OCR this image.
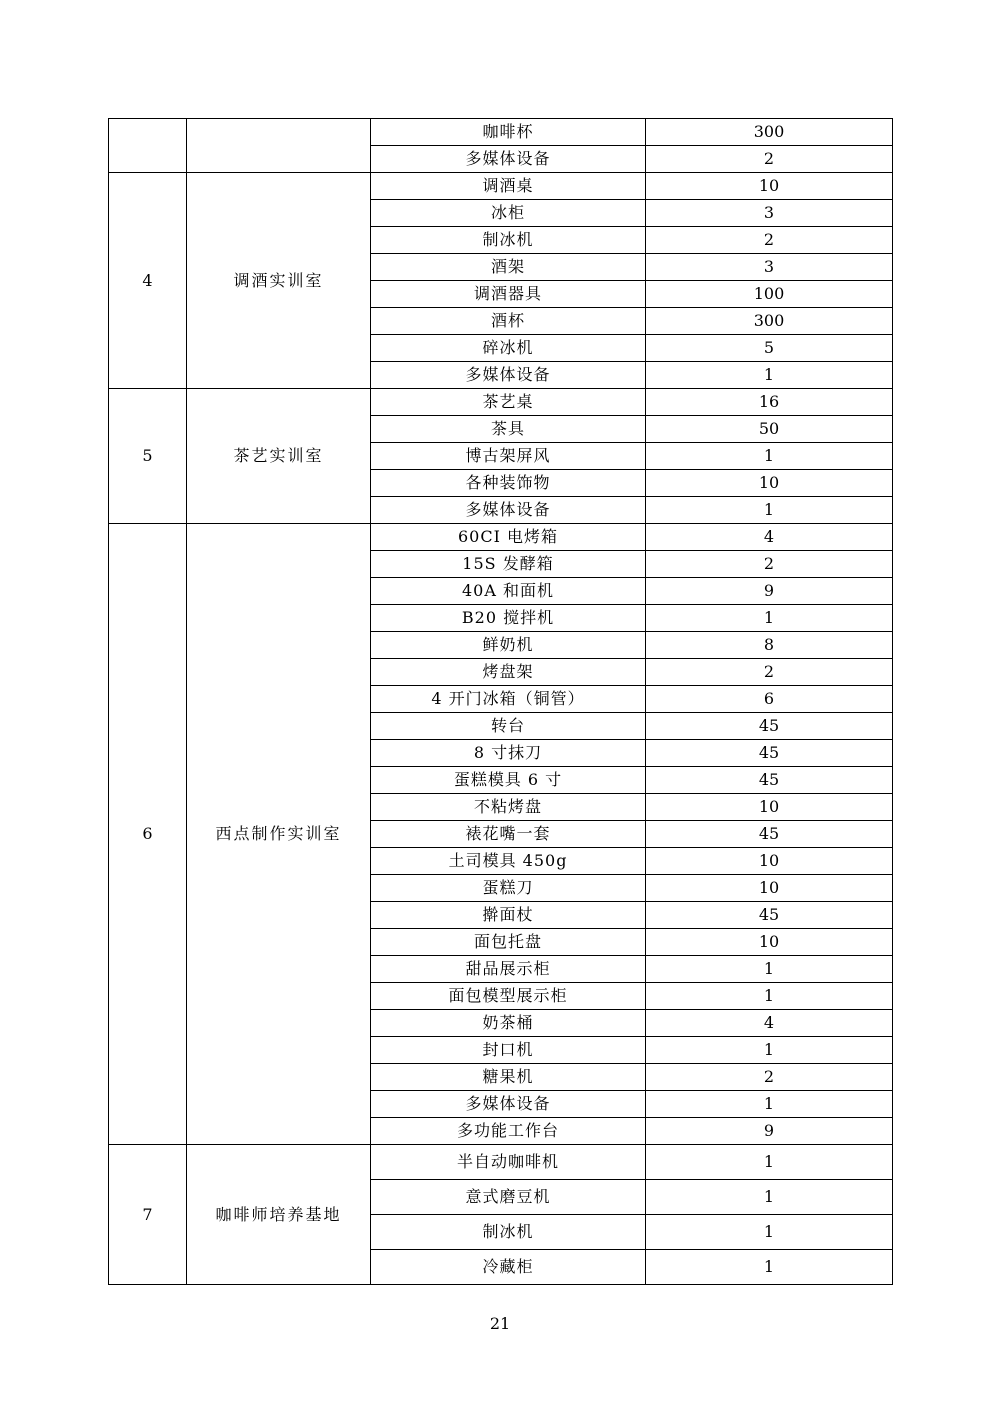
		咖啡杯	300
		多媒体设备	2
4	调酒实训室	调酒桌	10
		冰柜	3
		制冰机	2
		酒架	3
		调酒器具	100
		酒杯	300
		碎冰机	5
		多媒体设备	1
5	茶艺实训室	茶艺桌	16
		茶具	50
		博古架屏风	1
		各种装饰物	10
		多媒体设备	1
6	西点制作实训室	60CI 电烤箱	4
		15S 发酵箱	2
		40A 和面机	9
		B20 搅拌机	1
		鲜奶机	8
		烤盘架	2
		4 开门冰箱（铜管）	6
		转台	45
		8 寸抹刀	45
		蛋糕模具 6 寸	45
		不粘烤盘	10
		裱花嘴一套	45
		土司模具 450g	10
		蛋糕刀	10
		擀面杖	45
		面包托盘	10
		甜品展示柜	1
		面包模型展示柜	1
		奶茶桶	4
		封口机	1
		糖果机	2
		多媒体设备	1
		多功能工作台	9
7	咖啡师培养基地	半自动咖啡机	1
		意式磨豆机	1
		制冰机	1
		冷藏柜	1
21
